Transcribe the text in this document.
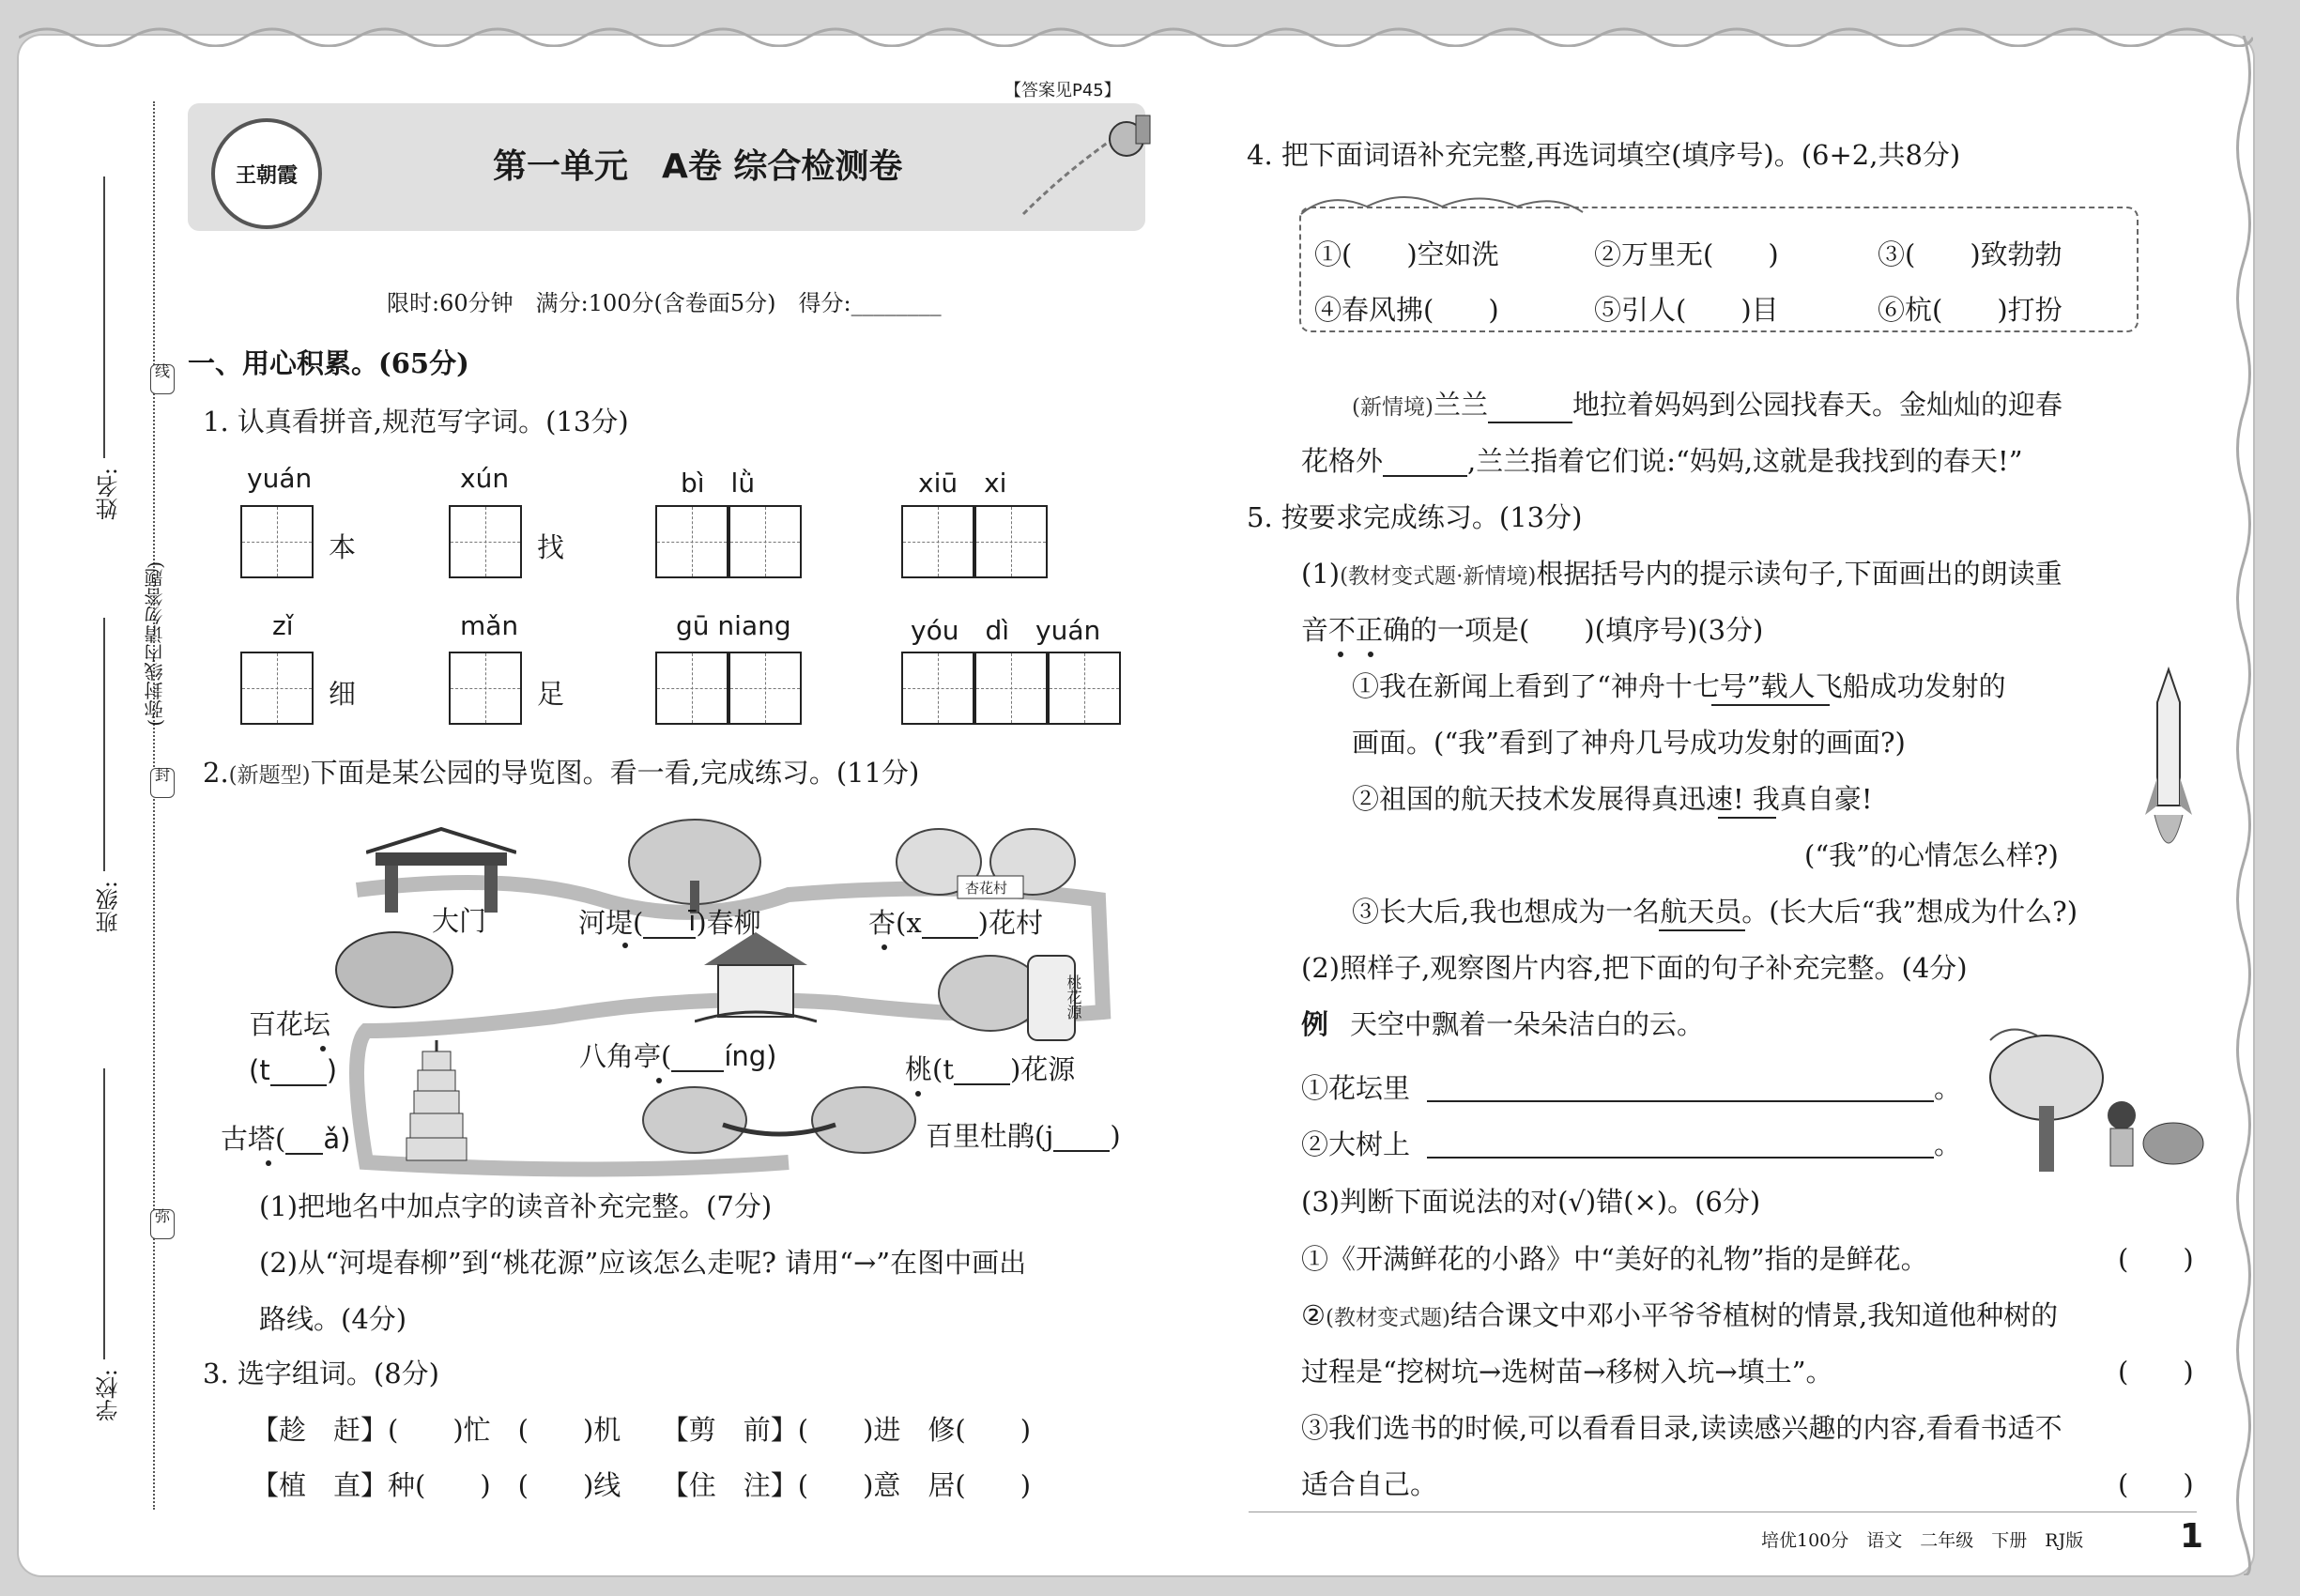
姓名:
线
(弥封线内请勿答题)
封
班级:
弥
学校:
王朝霞	第一单元　A卷 综合检测卷
【答案见P45】
限时:60分钟　满分:100分(含卷面5分)　得分:________
一、用心积累。(65分)
1. 认真看拼音,规范写字词。(13分)
yuán	xún	bì　lǜ	xiū　xi
本	找
zǐ	mǎn	gū niang	yóu　dì　yuán
细	足
2.(新题型)下面是某公园的导览图。看一看,完成练习。(11分)
杏花村
桃花源
大门	河堤( ī)春柳	杏(x )花村
百花坛
(t )	八角亭( íng)	桃(t )花源
古塔( ǎ)	百里杜鹃(j )
(1)把地名中加点字的读音补充完整。(7分)
(2)从“河堤春柳”到“桃花源”应该怎么走呢? 请用“→”在图中画出
路线。(4分)
3. 选字组词。(8分)
【趁　赶】(　　)忙　(　　)机　　【剪　前】(　　)进　修(　　)
【植　直】种(　　)　(　　)线　　【住　注】(　　)意　居(　　)
4. 把下面词语补充完整,再选词填空(填序号)。(6+2,共8分)
①(　　)空如洗	②万里无(　　)	③(　　)致勃勃
④春风拂(　　)	⑤引人(　　)目	⑥杭(　　)打扮
(新情境)兰兰	地拉着妈妈到公园找春天。金灿灿的迎春
花格外	,兰兰指着它们说:“妈妈,这就是我找到的春天!”
5. 按要求完成练习。(13分)
(1)(教材变式题·新情境)根据括号内的提示读句子,下面画出的朗读重
音不正确的一项是(　　)(填序号)(3分)
①我在新闻上看到了“神舟十七号”载人飞船成功发射的
画面。(“我”看到了神舟几号成功发射的画面?)
②祖国的航天技术发展得真迅速! 我真自豪!
(“我”的心情怎么样?)
③长大后,我也想成为一名航天员。(长大后“我”想成为什么?)
(2)照样子,观察图片内容,把下面的句子补充完整。(4分)
例 天空中飘着一朵朵洁白的云。
①花坛里	。
②大树上	。
(3)判断下面说法的对(√)错(×)。(6分)
①《开满鲜花的小路》中“美好的礼物”指的是鲜花。	(　　)
②(教材变式题)结合课文中邓小平爷爷植树的情景,我知道他种树的
过程是“挖树坑→选树苗→移树入坑→填土”。	(　　)
③我们选书的时候,可以看看目录,读读感兴趣的内容,看看书适不
适合自己。	(　　)
培优100分　语文　二年级　下册　RJ版	1
